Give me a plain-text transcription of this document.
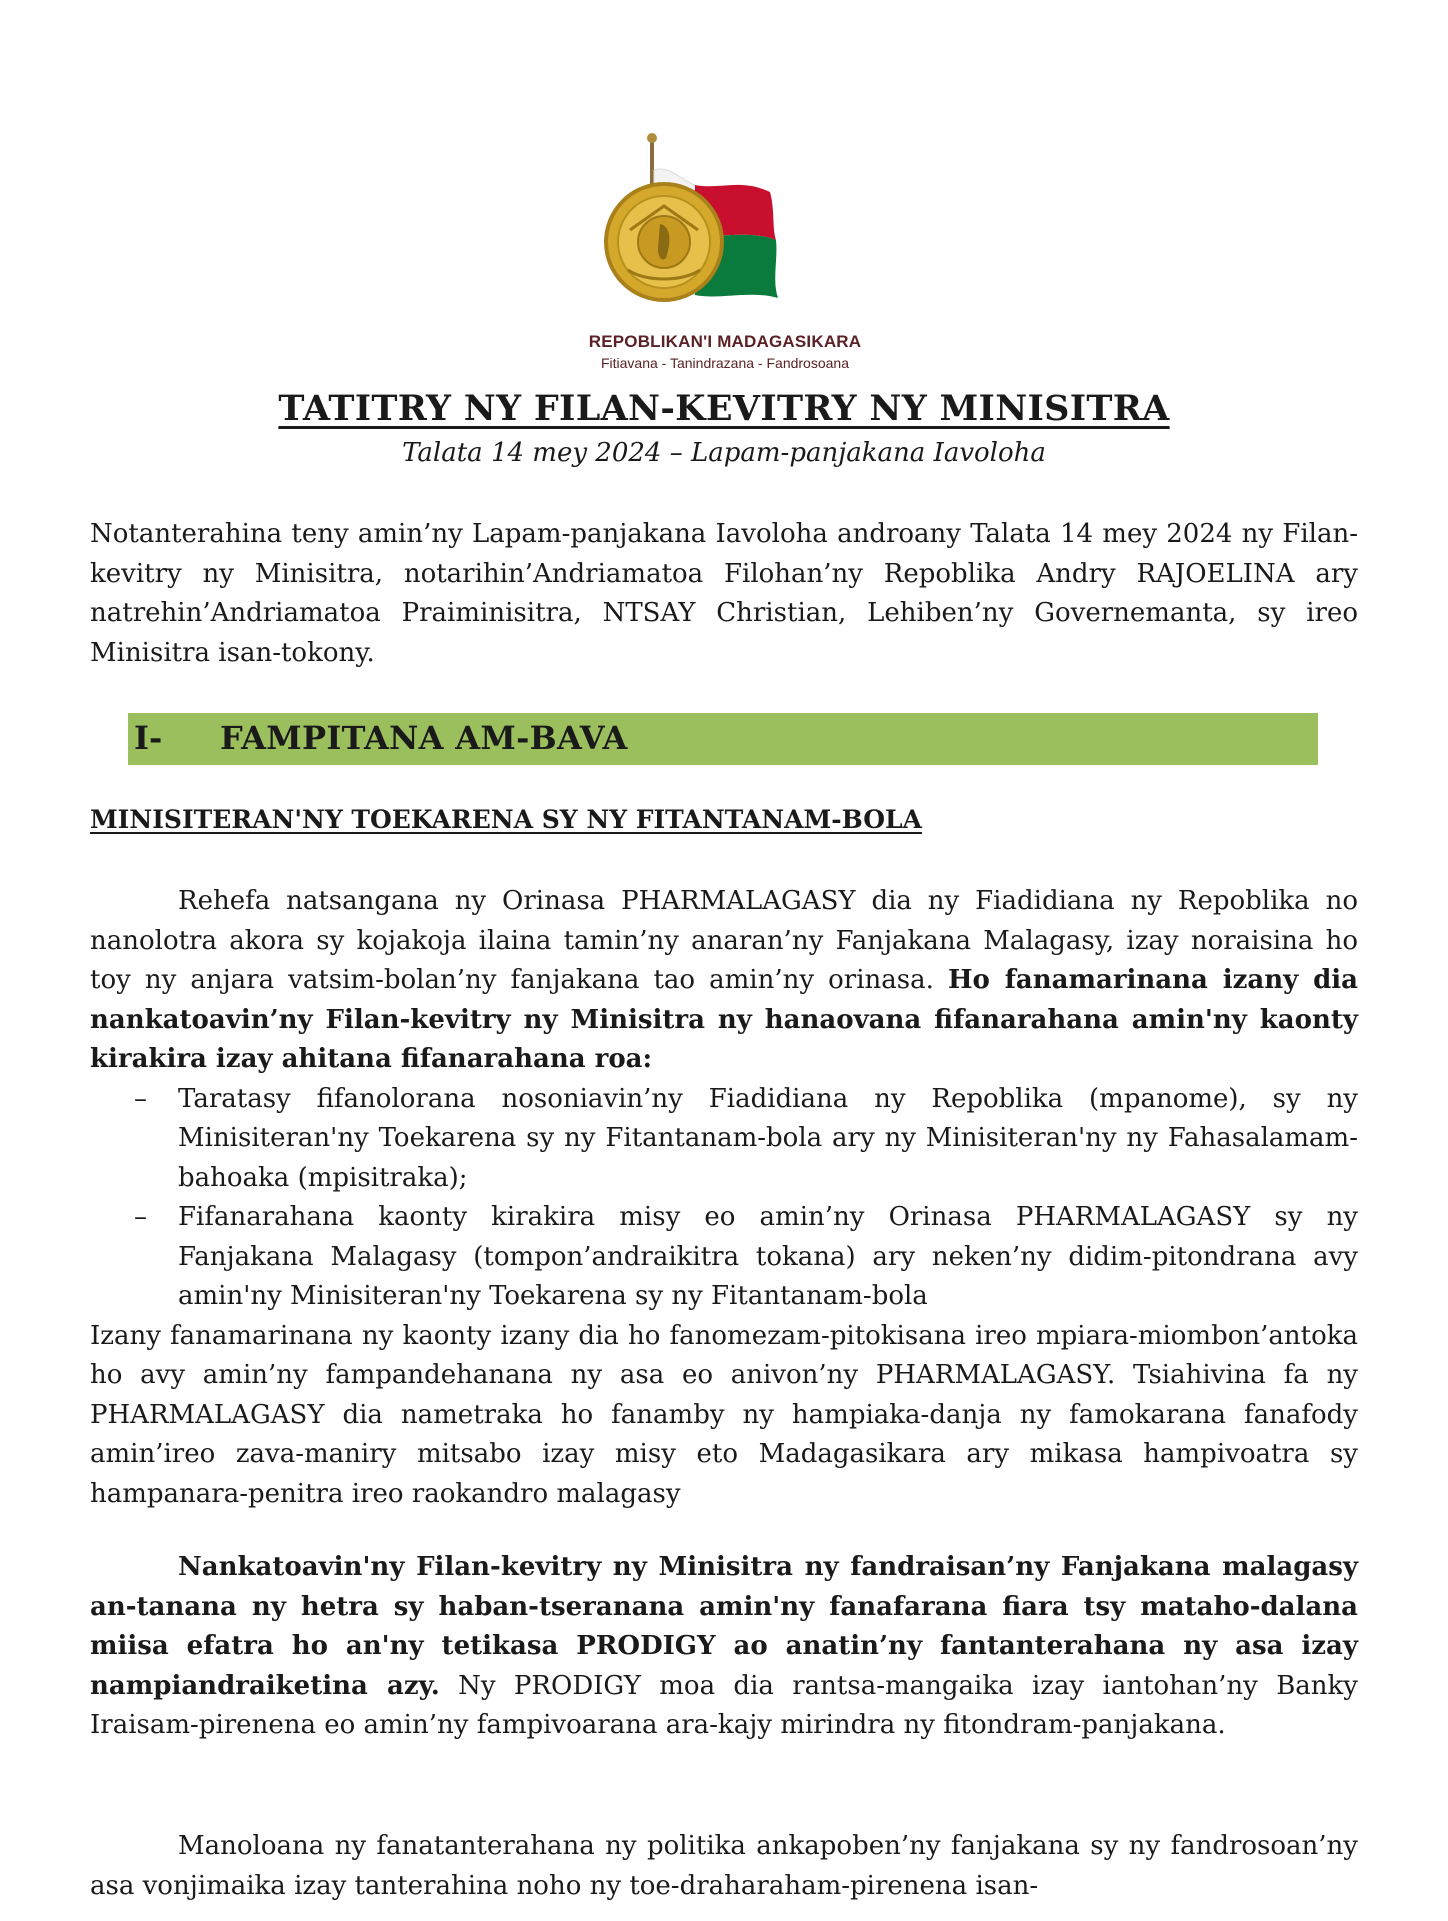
REPOBLIKAN'I MADAGASIKARA
Fitiavana - Tanindrazana - Fandrosoana
TATITRY NY FILAN-KEVITRY NY MINISITRA
Talata 14 mey 2024 – Lapam-panjakana Iavoloha

Notanterahina teny amin’ny Lapam-panjakana Iavoloha androany Talata 14 mey 2024 ny Filan-kevitry ny Minisitra, notarihin’Andriamatoa Filohan’ny Repoblika Andry RAJOELINA ary natrehin’Andriamatoa Praiminisitra, NTSAY Christian, Lehiben’ny Governemanta, sy ireo Minisitra isan-tokony.

I- FAMPITANA AM-BAVA
MINISITERAN'NY TOEKARENA SY NY FITANTANAM-BOLA

Rehefa natsangana ny Orinasa PHARMALAGASY dia ny Fiadidiana ny Repoblika no nanolotra akora sy kojakoja ilaina tamin’ny anaran’ny Fanjakana Malagasy, izay noraisina ho toy ny anjara vatsim-bolan’ny fanjakana tao amin’ny orinasa. Ho fanamarinana izany dia nankatoavin’ny Filan-kevitry ny Minisitra ny hanaovana fifanarahana amin'ny kaonty kirakira izay ahitana fifanarahana roa:

– Taratasy fifanolorana nosoniavin’ny Fiadidiana ny Repoblika (mpanome), sy ny Minisiteran'ny Toekarena sy ny Fitantanam-bola ary ny Minisiteran'ny ny Fahasalamam-bahoaka (mpisitraka);
– Fifanarahana kaonty kirakira misy eo amin’ny Orinasa PHARMALAGASY sy ny Fanjakana Malagasy (tompon’andraikitra tokana) ary neken’ny didim-pitondrana avy amin'ny Minisiteran'ny Toekarena sy ny Fitantanam-bola

Izany fanamarinana ny kaonty izany dia ho fanomezam-pitokisana ireo mpiara-miombon’antoka ho avy amin’ny fampandehanana ny asa eo anivon’ny PHARMALAGASY. Tsiahivina fa ny PHARMALAGASY dia nametraka ho fanamby ny hampiaka-danja ny famokarana fanafody amin’ireo zava-maniry mitsabo izay misy eto Madagasikara ary mikasa hampivoatra sy hampanara-penitra ireo raokandro malagasy

Nankatoavin'ny Filan-kevitry ny Minisitra ny fandraisan’ny Fanjakana malagasy an-tanana ny hetra sy haban-tseranana amin'ny fanafarana fiara tsy mataho-dalana miisa efatra ho an'ny tetikasa PRODIGY ao anatin’ny fantanterahana ny asa izay nampiandraiketina azy. Ny PRODIGY moa dia rantsa-mangaika izay iantohan’ny Banky Iraisam-pirenena eo amin’ny fampivoarana ara-kajy mirindra ny fitondram-panjakana.

Manoloana ny fanatanterahana ny politika ankapoben’ny fanjakana sy ny fandrosoan’ny asa vonjimaika izay tanterahina noho ny toe-draharaham-pirenena isan-
